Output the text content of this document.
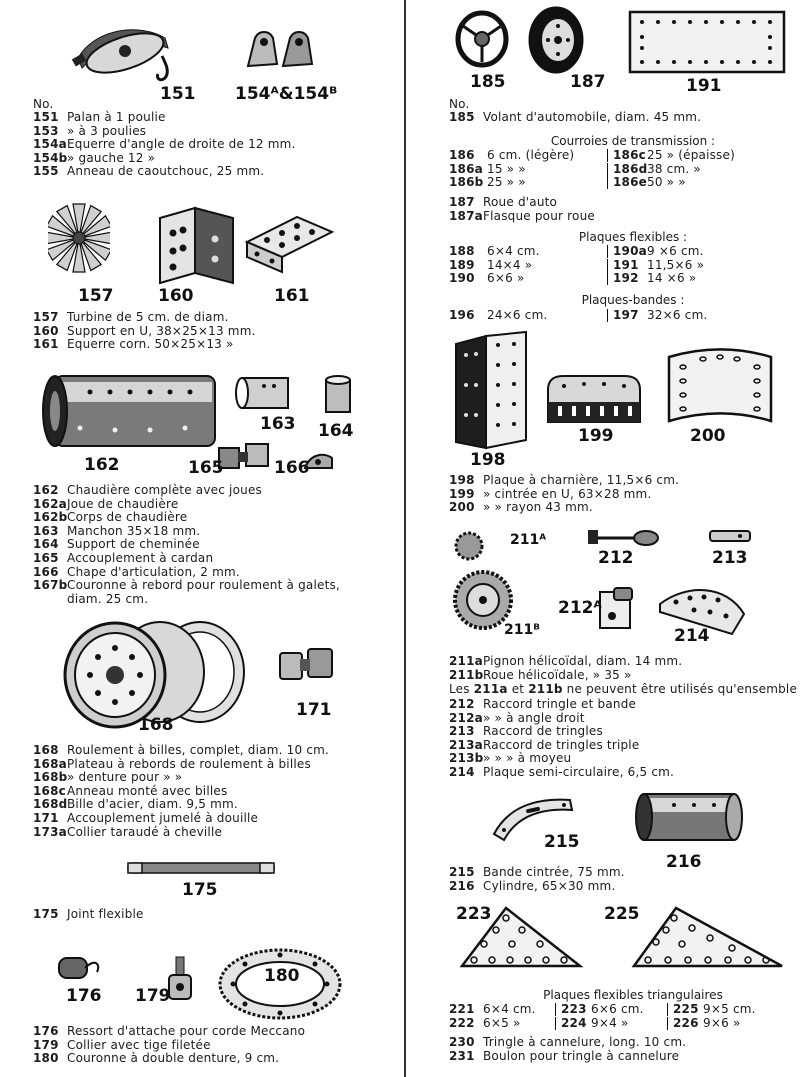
151 154ᴬ&154ᴮ
No.
151 Palan à 1 poulie
153 » à 3 poulies
154a Equerre d'angle de droite de 12 mm.
154b » gauche 12 »
155 Anneau de caoutchouc, 25 mm.
157	160	161
157 Turbine de 5 cm. de diam.
160 Support en U, 38×25×13 mm.
161 Equerre corn. 50×25×13 »
162
163 164
165	166
162 Chaudière complète avec joues
162a Joue de chaudière
162b Corps de chaudière
163 Manchon 35×18 mm.
164 Support de cheminée
165 Accouplement à cardan
166 Chape d'articulation, 2 mm.
167b Couronne à rebord pour roulement à galets,
diam. 25 cm.
168
171
168 Roulement à billes, complet, diam. 10 cm.
168a Plateau à rebords de roulement à billes
168b » denture pour » »
168c Anneau monté avec billes
168d Bille d'acier, diam. 9,5 mm.
171 Accouplement jumelé à douille
173a Collier taraudé à cheville
175
175 Joint flexible
176 179
180
176 Ressort d'attache pour corde Meccano
179 Collier avec tige filetée
180 Couronne à double denture, 9 cm.
185	187	191
No.
185 Volant d'automobile, diam. 45 mm.
Courroies de transmission :
186	6 cm. (légère)	186c 25 » (épaisse)
186a 15 » »	186d 38 cm. »
186b 25 » »	186e 50 » »
187 Roue d'auto
187a Flasque pour roue
Plaques flexibles :
188	6×4 cm.	190a 9 ×6 cm.
189	14×4 »	191 11,5×6 »
190	6×6 »	192 14 ×6 »
Plaques-bandes :
196	24×6 cm.	197 32×6 cm.
198
199	200
198 Plaque à charnière, 11,5×6 cm.
199 » cintrée en U, 63×28 mm.
200 » » rayon 43 mm.
211ᴬ
211ᴮ
212	213
212ᴬ
214
211a Pignon hélicoïdal, diam. 14 mm.
211b Roue hélicoïdale, » 35 »
Les 211a et 211b ne peuvent être utilisés qu'ensemble
212 Raccord tringle et bande
212a » » à angle droit
213 Raccord de tringles
213a Raccord de tringles triple
213b » » » à moyeu
214 Plaque semi-circulaire, 6,5 cm.
215
216
215 Bande cintrée, 75 mm.
216 Cylindre, 65×30 mm.
223	225
Plaques flexibles triangulaires
221 6×4 cm.	223 6×6 cm.	225 9×5 cm.
222 6×5 »	224 9×4 »	226 9×6 »
230 Tringle à cannelure, long. 10 cm.
231 Boulon pour tringle à cannelure
